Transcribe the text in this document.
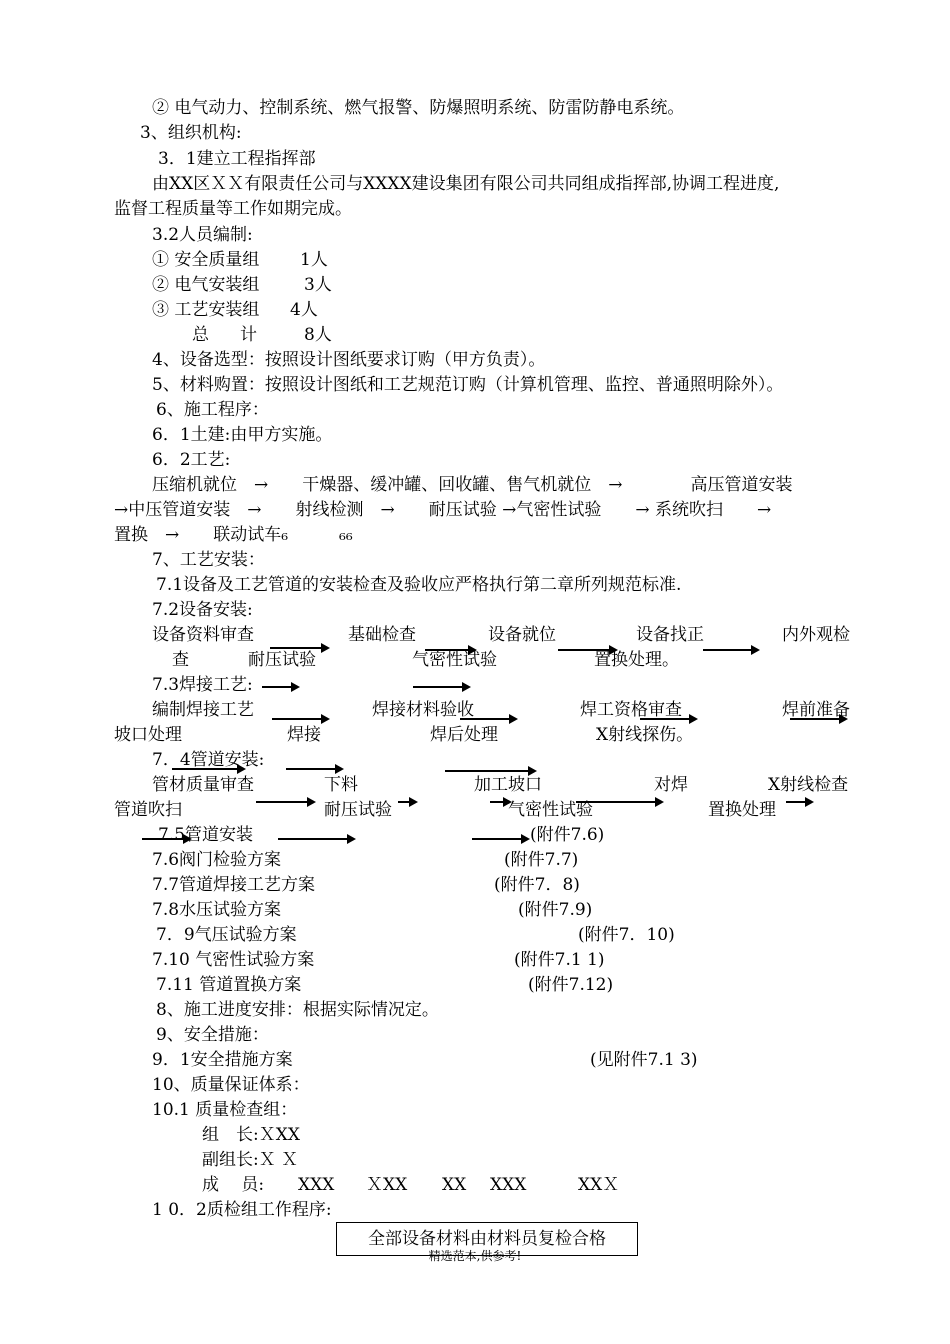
② 电气动力、控制系统、燃气报警、防爆照明系统、防雷防静电系统。
3、组织机构:
3．1建立工程指挥部
由XX区ＸＸ有限责任公司与XXXX建设集团有限公司共同组成指挥部,协调工程进度,
监督工程质量等工作如期完成。
3.2人员编制:
① 安全质量组 1人
② 电气安装组	3人
③ 工艺安装组 4人
总 计	8人
4、设备选型：按照设计图纸要求订购（甲方负责）。
5、材料购置：按照设计图纸和工艺规范订购（计算机管理、监控、普通照明除外）。
6、施工程序：
6．1土建:由甲方实施。
6．2工艺:
压缩机就位　→　　干燥器、缓冲罐、回收罐、售气机就位　→　　　　高压管道安装
→中压管道安装　→　　射线检测　→　　耐压试验 →气密性试验　　→ 系统吹扫　　→
置换　→　　联动试车₆　　　₆₆
7、工艺安装：
7.1设备及工艺管道的安装检查及验收应严格执行第二章所列规范标准.
7.2设备安装:
设备资料审查	基础检查	设备就位	设备找正	内外观检
查	耐压试验	气密性试验	置换处理。
7.3焊接工艺:
编制焊接工艺	焊接材料验收	焊工资格审查	焊前准备
坡口处理	焊接	焊后处理	X射线探伤。
7．4管道安装:
管材质量审查	下料	加工坡口	对焊	X射线检查
管道吹扫	耐压试验	气密性试验	置换处理
7.5管道安装	(附件7.6)
7.6阀门检验方案	(附件7.7)
7.7管道焊接工艺方案	(附件7．8)
7.8水压试验方案	(附件7.9)
7．9气压试验方案	(附件7．10)
7.10 气密性试验方案	(附件7.1 1)
7.11 管道置换方案	(附件7.12)
8、施工进度安排：根据实际情况定。
9、安全措施：
9．1安全措施方案	(见附件7.1 3)
10、质量保证体系：
10.1 质量检查组：
组　长:ＸXX
副组长:Ｘ Ｘ
成　 员: XXX ＸXX XX XXX	XXＸ
1 0．2质检组工作程序:
全部设备材料由材料员复检合格
精选范本,供参考!
